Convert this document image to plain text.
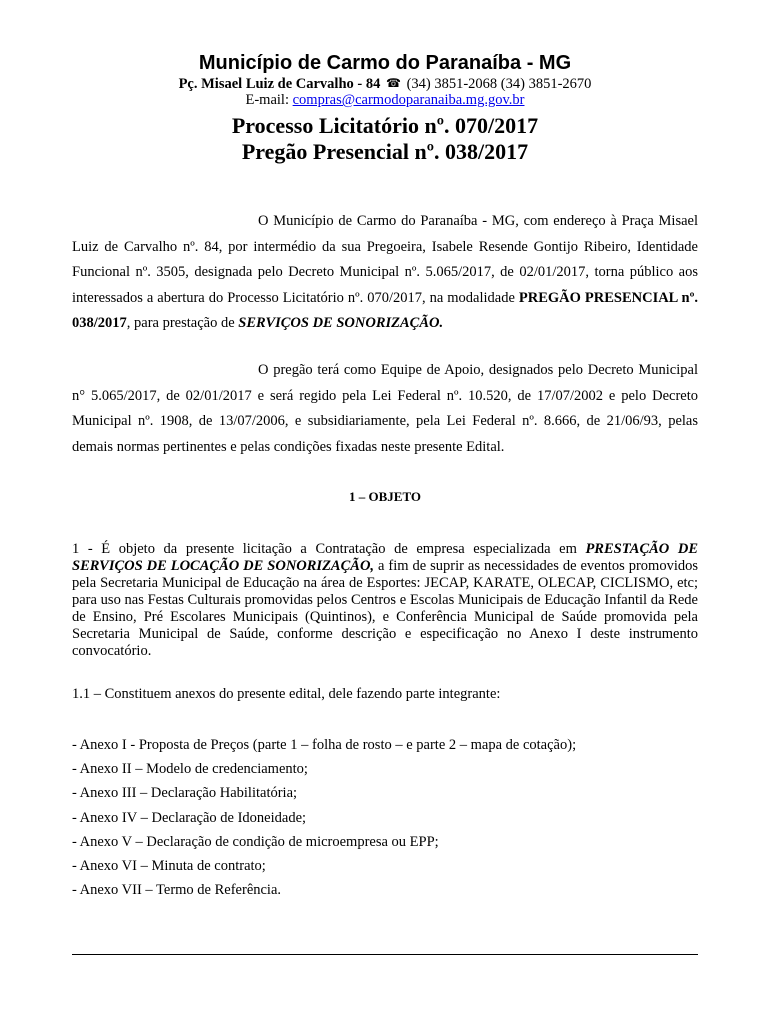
Município de Carmo do Paranaíba - MG
Pç. Misael Luiz de Carvalho - 84 ☎ (34) 3851-2068 (34) 3851-2670
E-mail: compras@carmodoparanaiba.mg.gov.br
Processo Licitatório nº. 070/2017
Pregão Presencial nº. 038/2017
O Município de Carmo do Paranaíba - MG, com endereço à Praça Misael Luiz de Carvalho nº. 84, por intermédio da sua Pregoeira, Isabele Resende Gontijo Ribeiro, Identidade Funcional nº. 3505, designada pelo Decreto Municipal nº. 5.065/2017, de 02/01/2017, torna público aos interessados a abertura do Processo Licitatório nº. 070/2017, na modalidade PREGÃO PRESENCIAL nº. 038/2017, para prestação de SERVIÇOS DE SONORIZAÇÃO.
O pregão terá como Equipe de Apoio, designados pelo Decreto Municipal n° 5.065/2017, de 02/01/2017 e será regido pela Lei Federal nº. 10.520, de 17/07/2002 e pelo Decreto Municipal nº. 1908, de 13/07/2006, e subsidiariamente, pela Lei Federal nº. 8.666, de 21/06/93, pelas demais normas pertinentes e pelas condições fixadas neste presente Edital.
1 – OBJETO
1 - É objeto da presente licitação a Contratação de empresa especializada em PRESTAÇÃO DE SERVIÇOS DE LOCAÇÃO DE SONORIZAÇÃO, a fim de suprir as necessidades de eventos promovidos pela Secretaria Municipal de Educação na área de Esportes: JECAP, KARATE, OLECAP, CICLISMO, etc; para uso nas Festas Culturais promovidas pelos Centros e Escolas Municipais de Educação Infantil da Rede de Ensino, Pré Escolares Municipais (Quintinos), e Conferência Municipal de Saúde promovida pela Secretaria Municipal de Saúde, conforme descrição e especificação no Anexo I deste instrumento convocatório.
1.1 – Constituem anexos do presente edital, dele fazendo parte integrante:
- Anexo I - Proposta de Preços (parte 1 – folha de rosto – e parte 2 – mapa de cotação);
- Anexo II – Modelo de credenciamento;
- Anexo III – Declaração Habilitatória;
- Anexo IV – Declaração de Idoneidade;
- Anexo V – Declaração de condição de microempresa ou EPP;
- Anexo VI – Minuta de contrato;
- Anexo VII – Termo de Referência.
